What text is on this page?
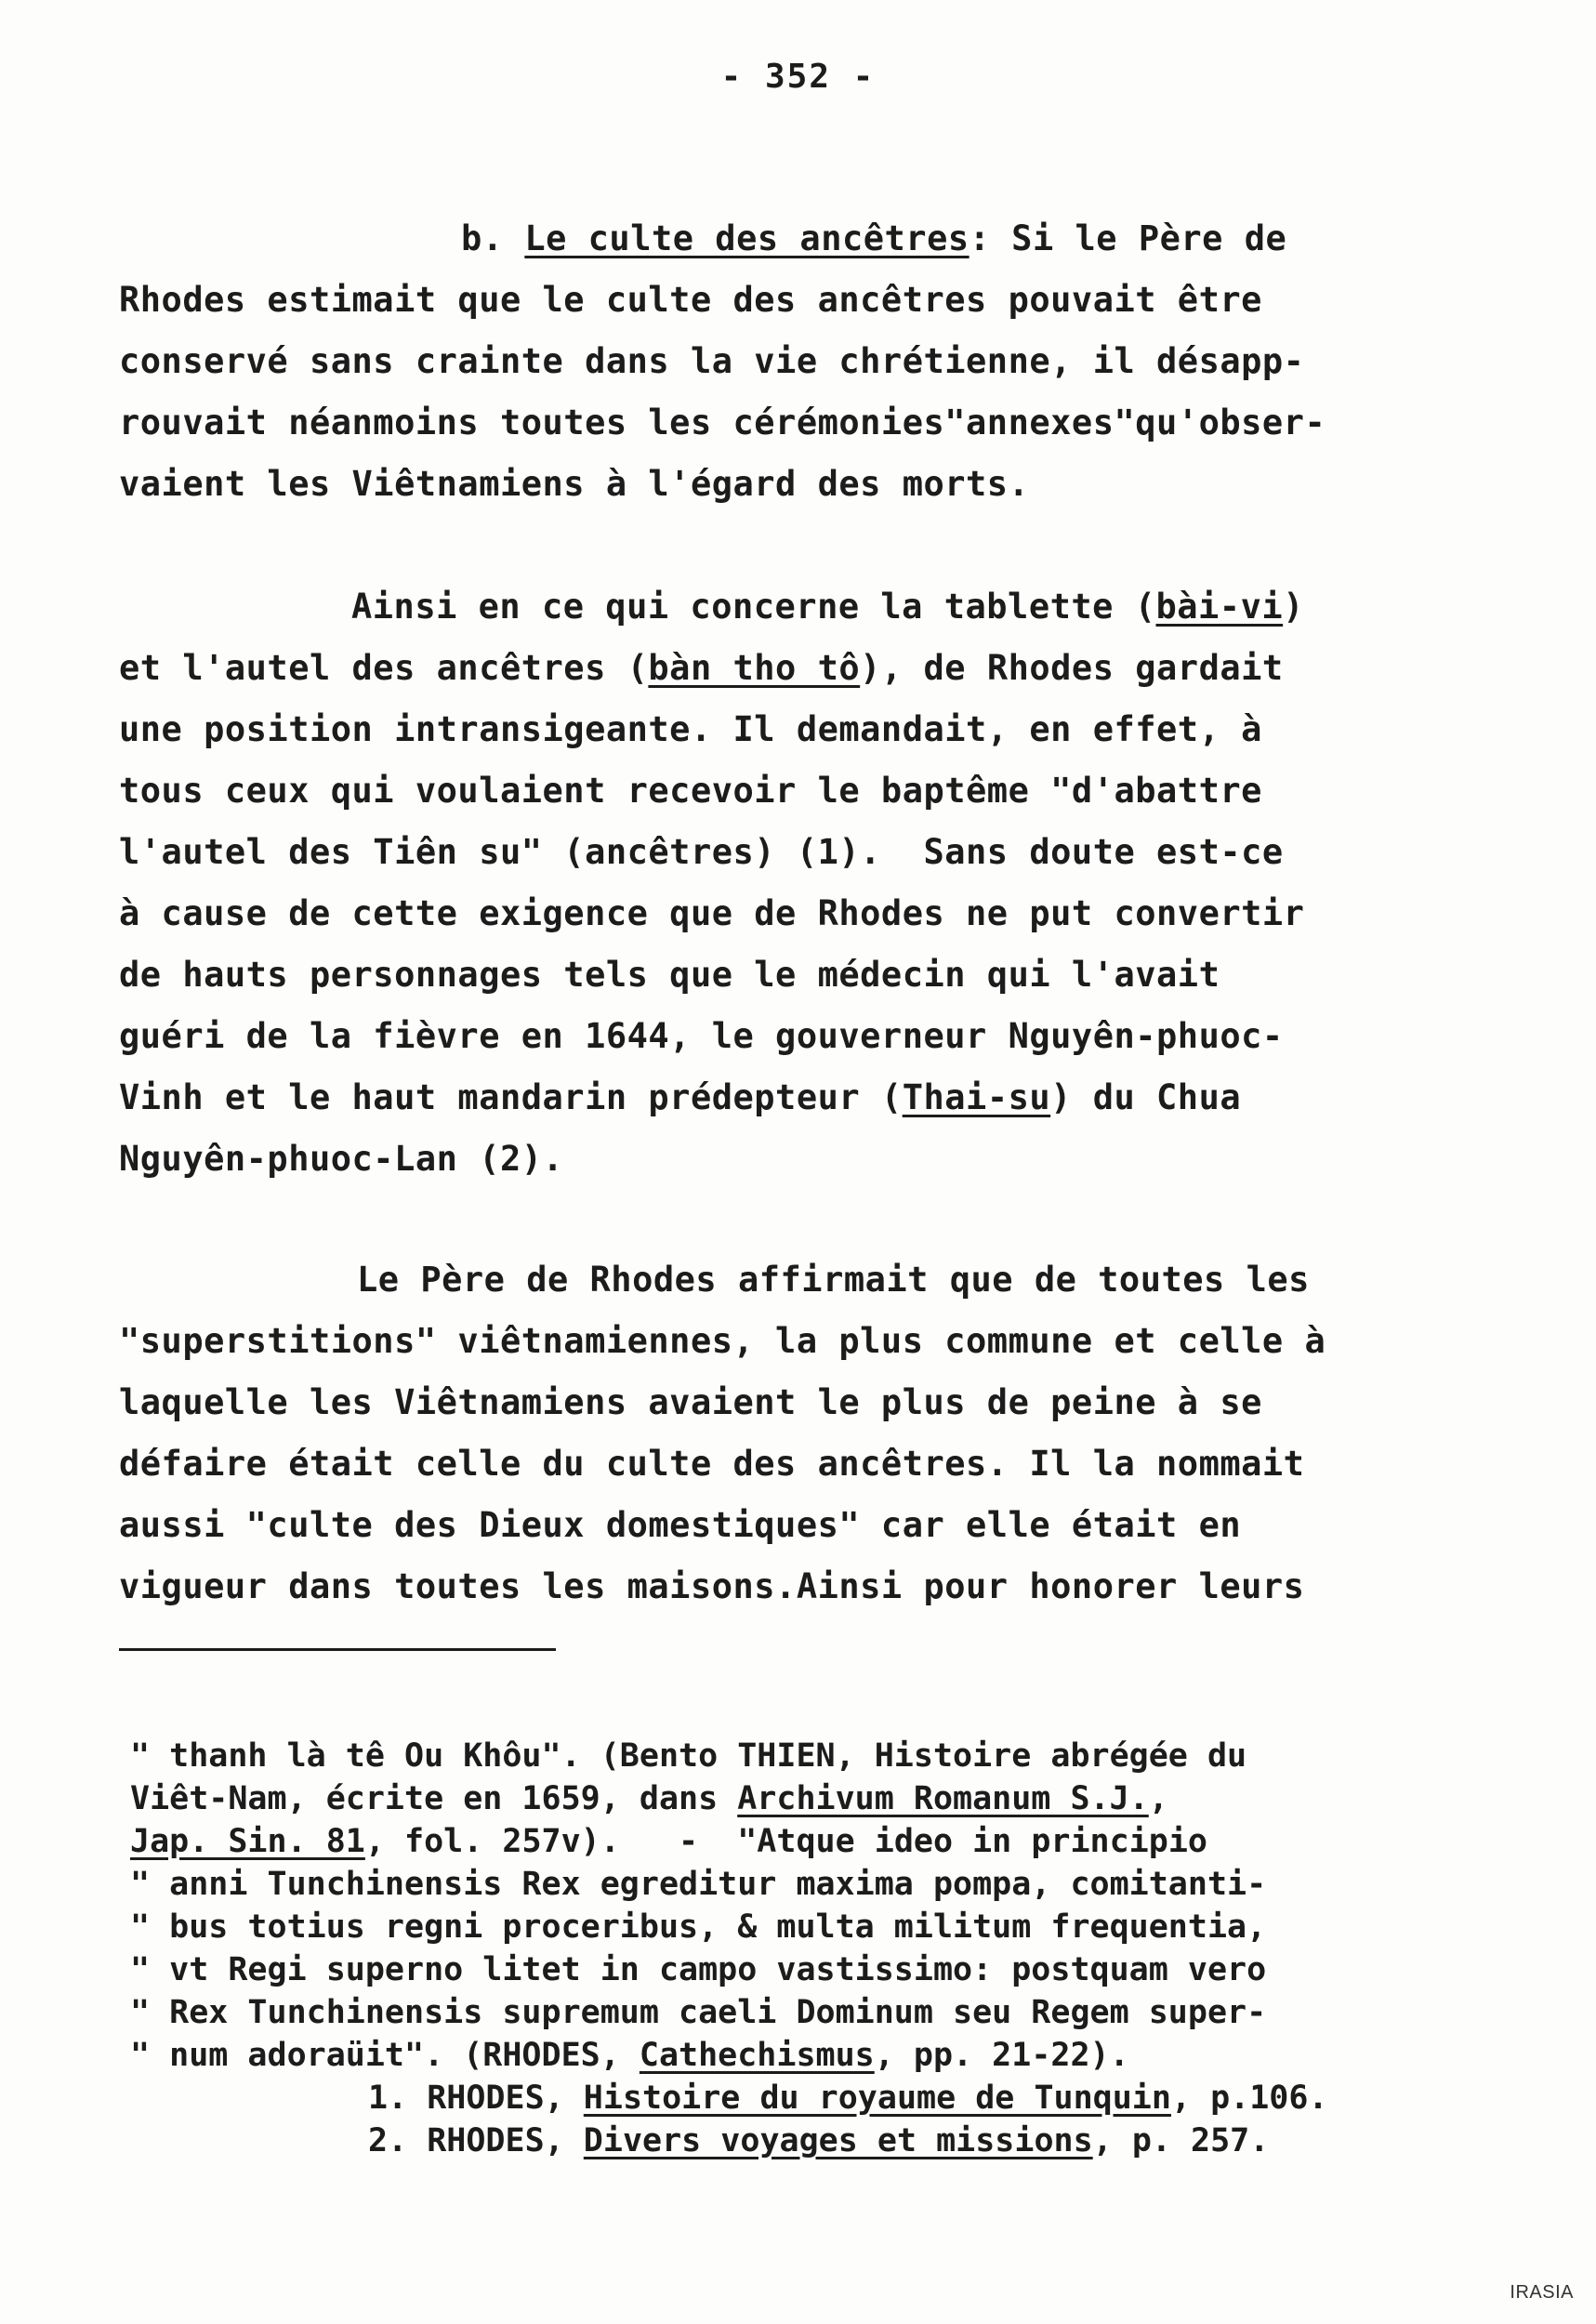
- 352 -
b. Le culte des ancêtres: Si le Père de
Rhodes estimait que le culte des ancêtres pouvait être
conservé sans crainte dans la vie chrétienne, il désapp-
rouvait néanmoins toutes les cérémonies"annexes"qu'obser-
vaient les Viêtnamiens à l'égard des morts.
Ainsi en ce qui concerne la tablette (bài-vi)
et l'autel des ancêtres (bàn tho tô), de Rhodes gardait
une position intransigeante. Il demandait, en effet, à
tous ceux qui voulaient recevoir le baptême "d'abattre
l'autel des Tiên su" (ancêtres) (1).  Sans doute est-ce
à cause de cette exigence que de Rhodes ne put convertir
de hauts personnages tels que le médecin qui l'avait
guéri de la fièvre en 1644, le gouverneur Nguyên-phuoc-
Vinh et le haut mandarin prédepteur (Thai-su) du Chua
Nguyên-phuoc-Lan (2).
Le Père de Rhodes affirmait que de toutes les
"superstitions" viêtnamiennes, la plus commune et celle à
laquelle les Viêtnamiens avaient le plus de peine à se
défaire était celle du culte des ancêtres. Il la nommait
aussi "culte des Dieux domestiques" car elle était en
vigueur dans toutes les maisons.Ainsi pour honorer leurs
" thanh là tê Ou Khôu". (Bento THIEN, Histoire abrégée du
Viêt-Nam, écrite en 1659, dans Archivum Romanum S.J.,
Jap. Sin. 81, fol. 257v).   -  "Atque ideo in principio
" anni Tunchinensis Rex egreditur maxima pompa, comitanti-
" bus totius regni proceribus, & multa militum frequentia,
" vt Regi superno litet in campo vastissimo: postquam vero
" Rex Tunchinensis supremum caeli Dominum seu Regem super-
" num adoraüit". (RHODES, Cathechismus, pp. 21-22).
1. RHODES, Histoire du royaume de Tunquin, p.106.
2. RHODES, Divers voyages et missions, p. 257.
IRASIA
